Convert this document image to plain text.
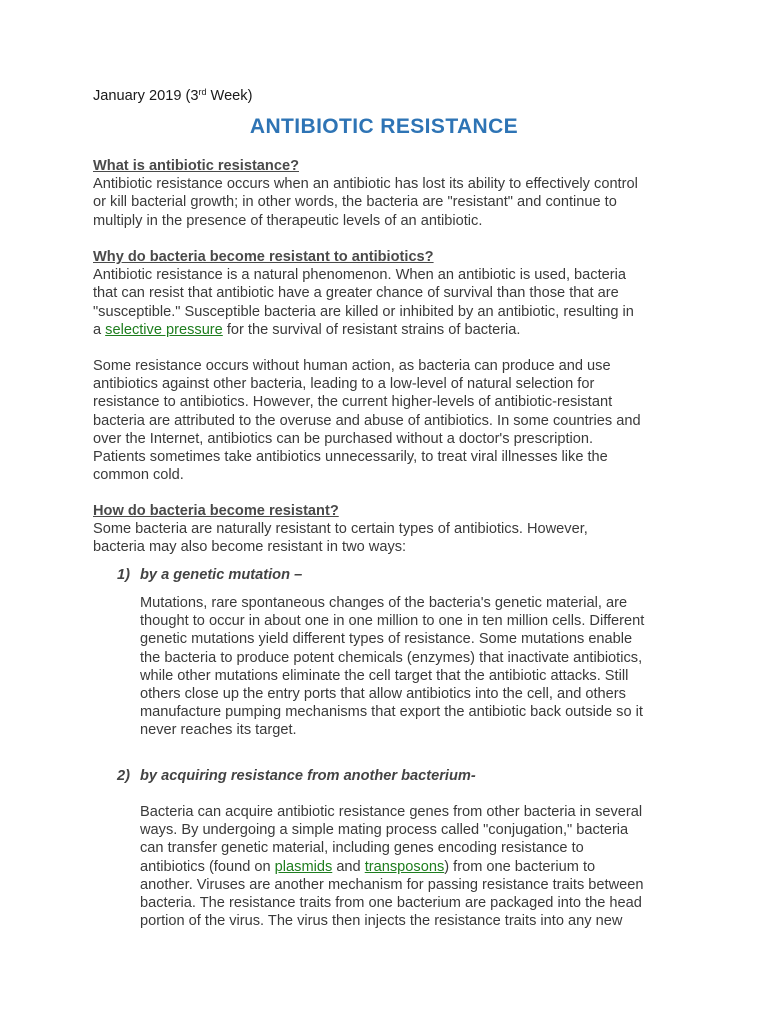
January 2019 (3rd Week)
ANTIBIOTIC RESISTANCE
What is antibiotic resistance?
Antibiotic resistance occurs when an antibiotic has lost its ability to effectively control
or kill bacterial growth; in other words, the bacteria are "resistant" and continue to
multiply in the presence of therapeutic levels of an antibiotic.
Why do bacteria become resistant to antibiotics?
Antibiotic resistance is a natural phenomenon. When an antibiotic is used, bacteria
that can resist that antibiotic have a greater chance of survival than those that are
"susceptible." Susceptible bacteria are killed or inhibited by an antibiotic, resulting in
a selective pressure for the survival of resistant strains of bacteria.
Some resistance occurs without human action, as bacteria can produce and use
antibiotics against other bacteria, leading to a low-level of natural selection for
resistance to antibiotics. However, the current higher-levels of antibiotic-resistant
bacteria are attributed to the overuse and abuse of antibiotics. In some countries and
over the Internet, antibiotics can be purchased without a doctor's prescription.
Patients sometimes take antibiotics unnecessarily, to treat viral illnesses like the
common cold.
How do bacteria become resistant?
Some bacteria are naturally resistant to certain types of antibiotics. However,
bacteria may also become resistant in two ways:
1) by a genetic mutation –
Mutations, rare spontaneous changes of the bacteria's genetic material, are
thought to occur in about one in one million to one in ten million cells. Different
genetic mutations yield different types of resistance. Some mutations enable
the bacteria to produce potent chemicals (enzymes) that inactivate antibiotics,
while other mutations eliminate the cell target that the antibiotic attacks. Still
others close up the entry ports that allow antibiotics into the cell, and others
manufacture pumping mechanisms that export the antibiotic back outside so it
never reaches its target.
2) by acquiring resistance from another bacterium-
Bacteria can acquire antibiotic resistance genes from other bacteria in several
ways. By undergoing a simple mating process called "conjugation," bacteria
can transfer genetic material, including genes encoding resistance to
antibiotics (found on plasmids and transposons) from one bacterium to
another. Viruses are another mechanism for passing resistance traits between
bacteria. The resistance traits from one bacterium are packaged into the head
portion of the virus. The virus then injects the resistance traits into any new
